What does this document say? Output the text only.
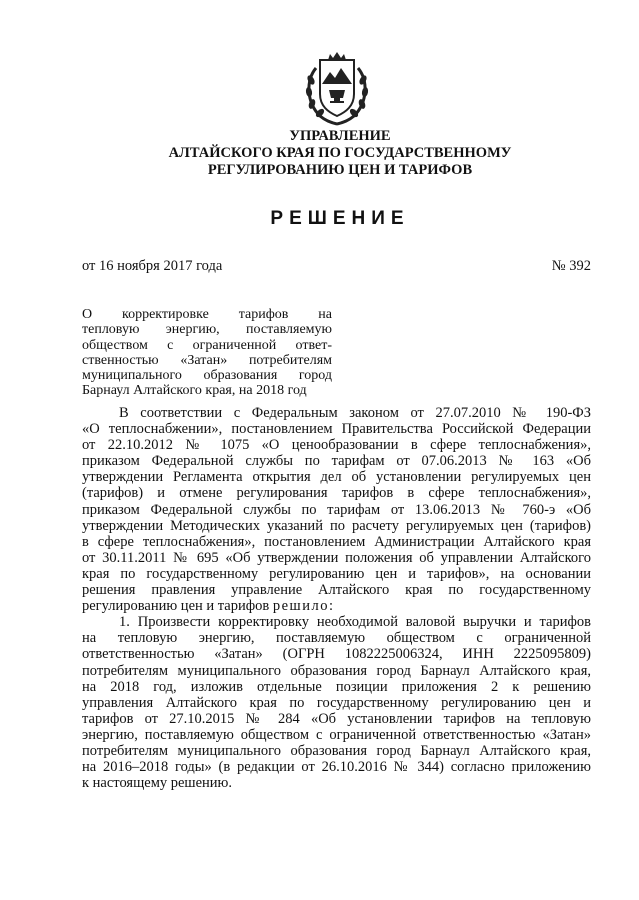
УПРАВЛЕНИЕ
АЛТАЙСКОГО КРАЯ ПО ГОСУДАРСТВЕННОМУ
РЕГУЛИРОВАНИЮ ЦЕН И ТАРИФОВ
РЕШЕНИЕ
от 16 ноября 2017 года	№ 392
О корректировке тарифов на
тепловую энергию, поставляемую
обществом с ограниченной ответ-
ственностью «Затан» потребителям
муниципального образования город
Барнаул Алтайского края, на 2018 год
В соответствии с Федеральным законом от 27.07.2010 № 190-ФЗ
«О теплоснабжении», постановлением Правительства Российской Федерации
от 22.10.2012 № 1075 «О ценообразовании в сфере теплоснабжения»,
приказом Федеральной службы по тарифам от 07.06.2013 № 163 «Об
утверждении Регламента открытия дел об установлении регулируемых цен
(тарифов) и отмене регулирования тарифов в сфере теплоснабжения»,
приказом Федеральной службы по тарифам от 13.06.2013 № 760-э «Об
утверждении Методических указаний по расчету регулируемых цен (тарифов)
в сфере теплоснабжения», постановлением Администрации Алтайского края
от 30.11.2011 № 695 «Об утверждении положения об управлении Алтайского
края по государственному регулированию цен и тарифов», на основании
решения правления управление Алтайского края по государственному
регулированию цен и тарифов решило:
1. Произвести корректировку необходимой валовой выручки и тарифов
на тепловую энергию, поставляемую обществом с ограниченной
ответственностью «Затан» (ОГРН 1082225006324, ИНН 2225095809)
потребителям муниципального образования город Барнаул Алтайского края,
на 2018 год, изложив отдельные позиции приложения 2 к решению
управления Алтайского края по государственному регулированию цен и
тарифов от 27.10.2015 № 284 «Об установлении тарифов на тепловую
энергию, поставляемую обществом с ограниченной ответственностью «Затан»
потребителям муниципального образования город Барнаул Алтайского края,
на 2016–2018 годы» (в редакции от 26.10.2016 № 344) согласно приложению
к настоящему решению.
